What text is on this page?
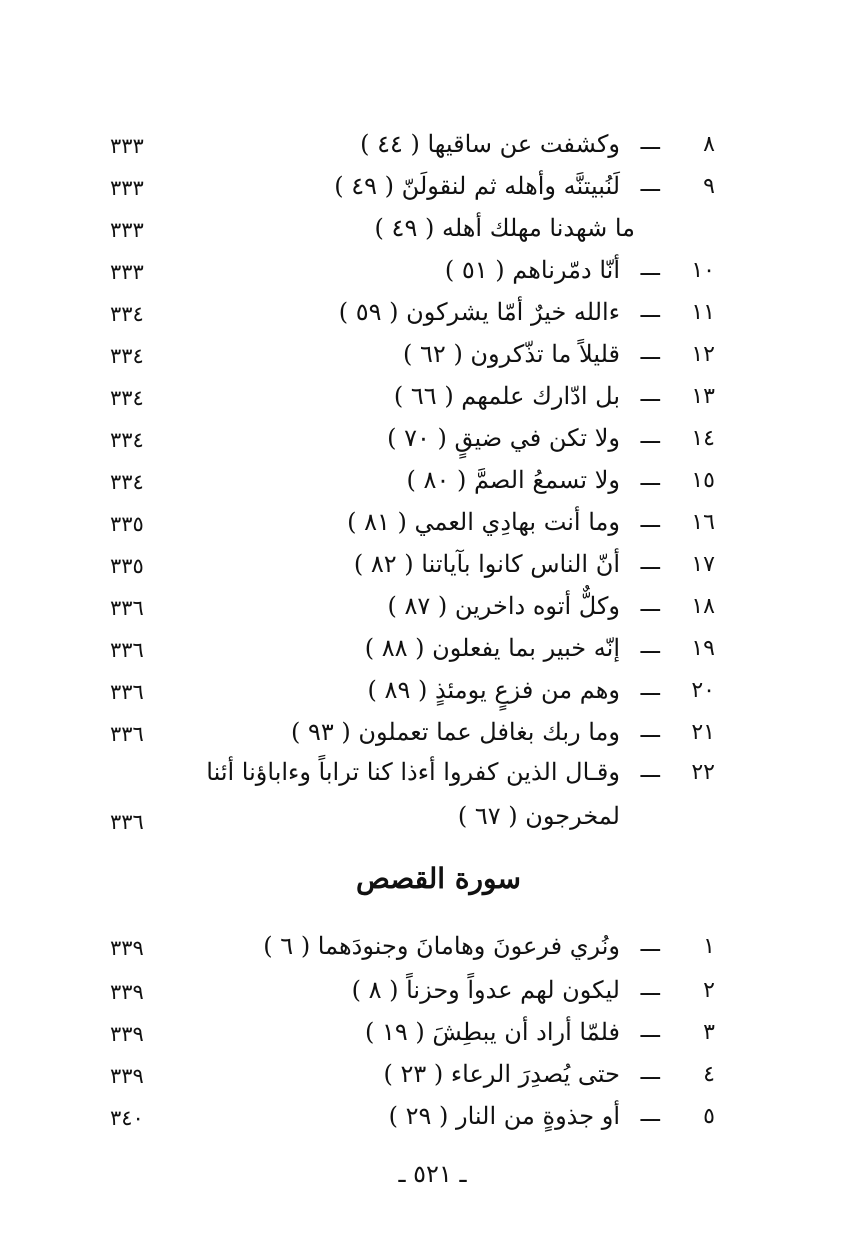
٨
ـــ
وكشفت عن ساقيها ( ٤٤ )
٣٣٣
٩
ـــ
لَنُبيتنَّه وأهله ثم لنقولَنّ ( ٤٩ )
٣٣٣
ما شهدنا مهلك أهله ( ٤٩ )
٣٣٣
١٠
ـــ
أنّا دمّرناهم ( ٥١ )
٣٣٣
١١
ـــ
ءالله خيرٌ أمّا يشركون ( ٥٩ )
٣٣٤
١٢
ـــ
قليلاً ما تذّكرون ( ٦٢ )
٣٣٤
١٣
ـــ
بل ادّارك علمهم ( ٦٦ )
٣٣٤
١٤
ـــ
ولا تكن في ضيقٍ ( ٧٠ )
٣٣٤
١٥
ـــ
ولا تسمعُ الصمَّ ( ٨٠ )
٣٣٤
١٦
ـــ
وما أنت بهادِي العمي ( ٨١ )
٣٣٥
١٧
ـــ
أنّ الناس كانوا بآياتنا ( ٨٢ )
٣٣٥
١٨
ـــ
وكلٌّ أتوه داخرين ( ٨٧ )
٣٣٦
١٩
ـــ
إنّه خبير بما يفعلون ( ٨٨ )
٣٣٦
٢٠
ـــ
وهم من فزعٍ يومئذٍ ( ٨٩ )
٣٣٦
٢١
ـــ
وما ربك بغافل عما تعملون ( ٩٣ )
٣٣٦
٢٢
ـــ
وقـال الذين كفروا أءذا كنا تراباً وءاباؤنا أئنا
لمخرجون ( ٦٧ )
٣٣٦
سورة القصص
١
ـــ
ونُري فرعونَ وهامانَ وجنودَهما ( ٦ )
٣٣٩
٢
ـــ
ليكون لهم عدواً وحزناً ( ٨ )
٣٣٩
٣
ـــ
فلمّا أراد أن يبطِشَ ( ١٩ )
٣٣٩
٤
ـــ
حتى يُصدِرَ الرعاء ( ٢٣ )
٣٣٩
٥
ـــ
أو جذوةٍ من النار ( ٢٩ )
٣٤٠
ـ ٥٢١ ـ
